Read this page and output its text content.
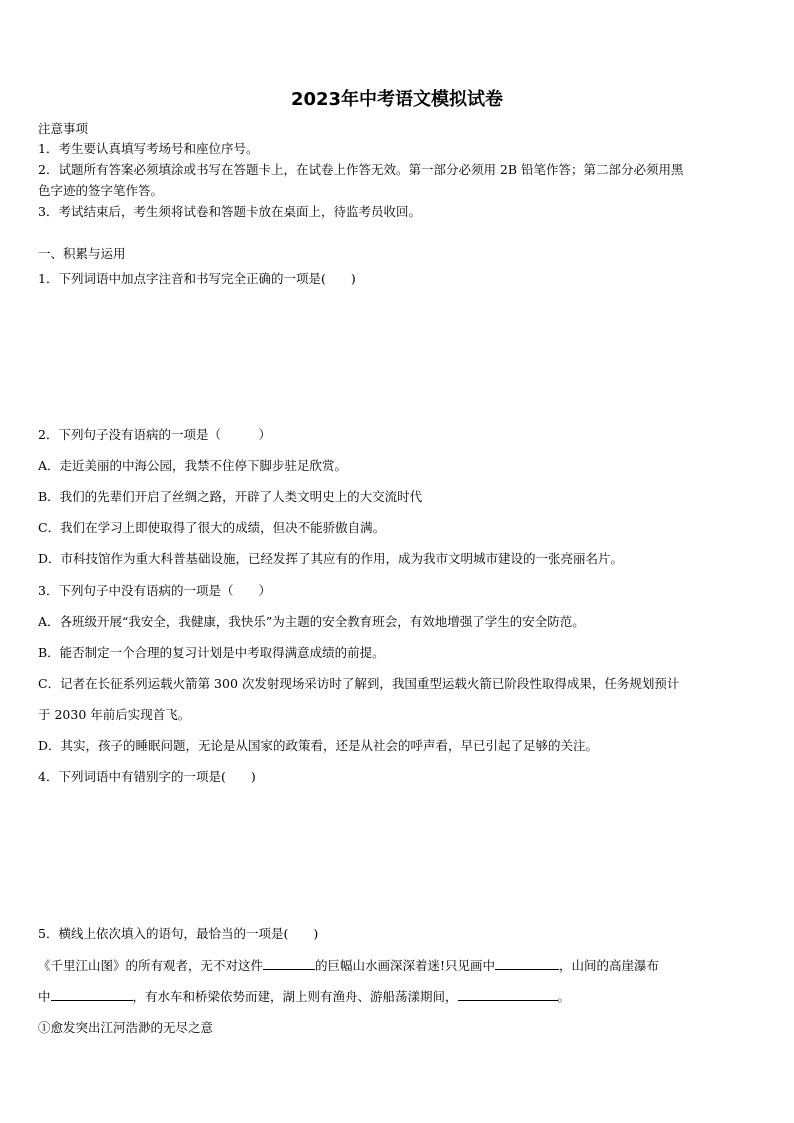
2023年中考语文模拟试卷
注意事项
1．考生要认真填写考场号和座位序号。
2．试题所有答案必须填涂或书写在答题卡上，在试卷上作答无效。第一部分必须用 2B 铅笔作答；第二部分必须用黑
色字迹的签字笔作答。
3．考试结束后，考生须将试卷和答题卡放在桌面上，待监考员收回。
一、积累与运用
1．下列词语中加点字注音和书写完全正确的一项是(　　)
2．下列句子没有语病的一项是（　　　）
A．走近美丽的中海公园，我禁不住停下脚步驻足欣赏。
B．我们的先辈们开启了丝绸之路，开辟了人类文明史上的大交流时代
C．我们在学习上即使取得了很大的成绩，但决不能骄傲自满。
D．市科技馆作为重大科普基础设施，已经发挥了其应有的作用，成为我市文明城市建设的一张亮丽名片。
3．下列句子中没有语病的一项是（　　）
A．各班级开展“我安全，我健康，我快乐”为主题的安全教育班会，有效地增强了学生的安全防范。
B．能否制定一个合理的复习计划是中考取得满意成绩的前提。
C．记者在长征系列运载火箭第 300 次发射现场采访时了解到，我国重型运载火箭已阶段性取得成果，任务规划预计
于 2030 年前后实现首飞。
D．其实，孩子的睡眠问题，无论是从国家的政策看，还是从社会的呼声看，早已引起了足够的关注。
4．下列词语中有错别字的一项是(　　)
5．横线上依次填入的语句，最恰当的一项是(　　)
《千里江山图》的所有观者，无不对这件	的巨幅山水画深深着迷!只见画中	，山间的高崖瀑布
中	，有水车和桥梁依势而建，湖上则有渔舟、游船荡漾期间，	。
①愈发突出江河浩渺的无尽之意
